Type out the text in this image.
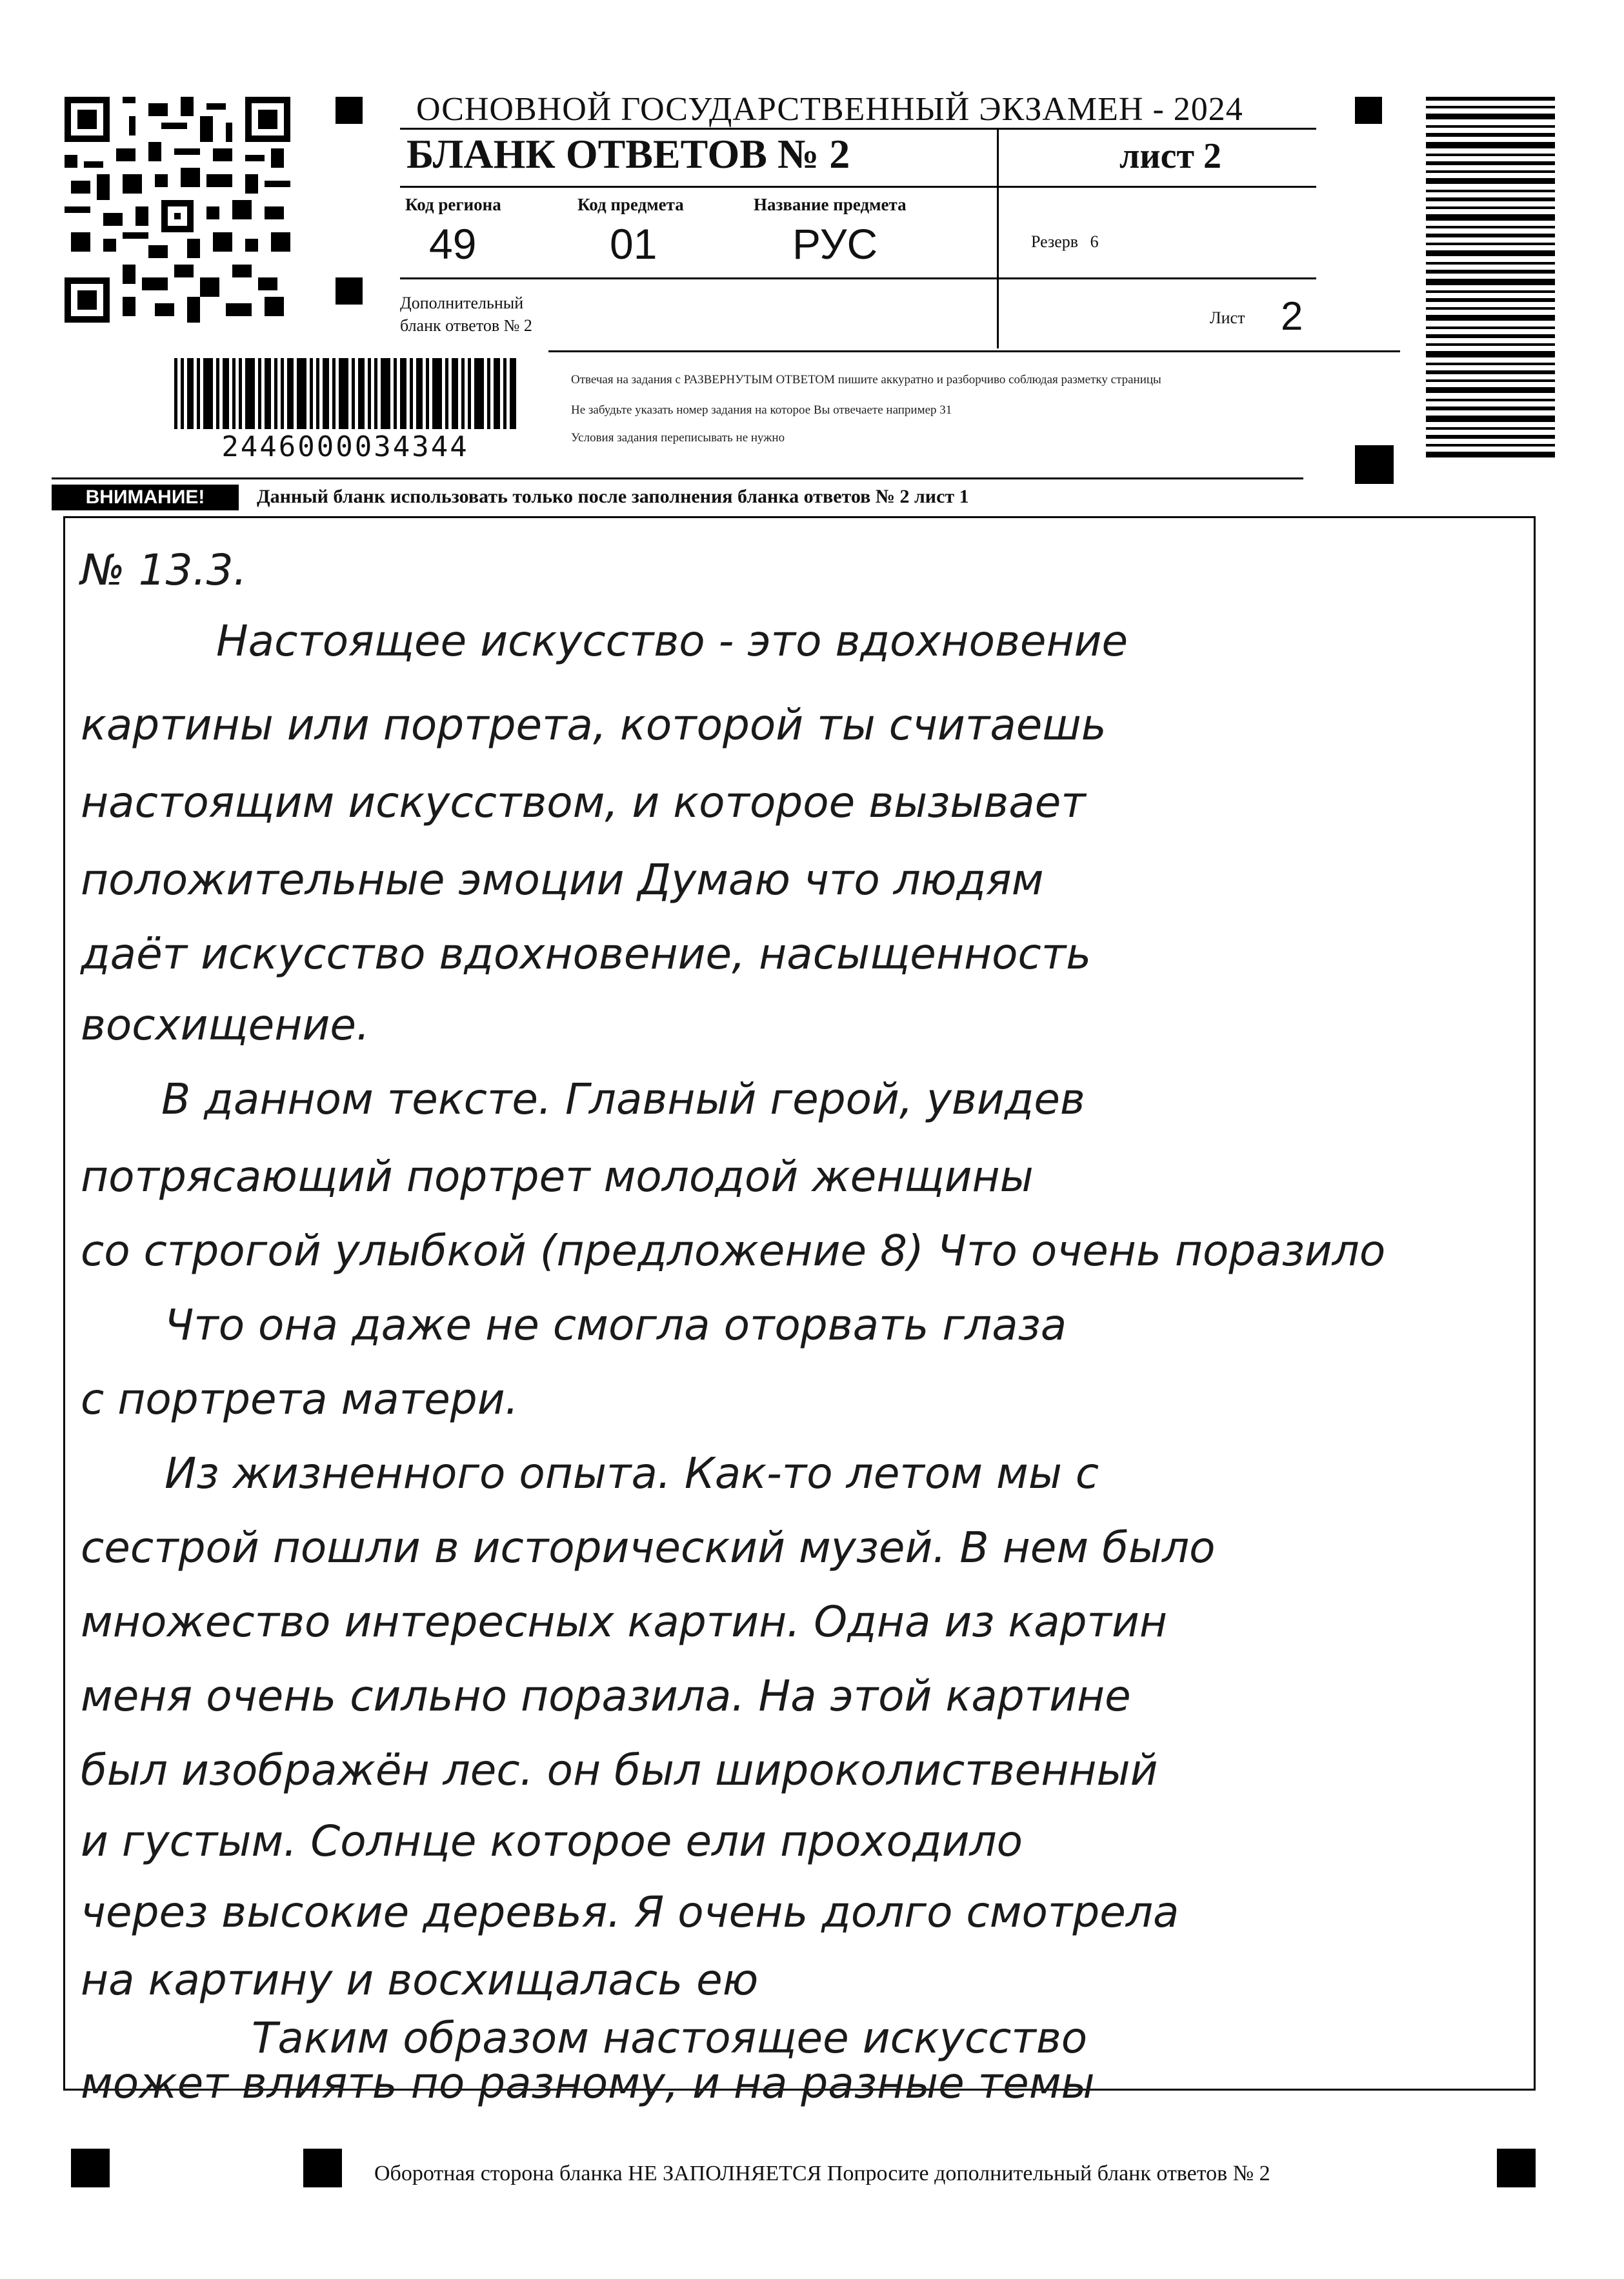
2446000034344
ОСНОВНОЙ ГОСУДАРСТВЕННЫЙ ЭКЗАМЕН - 2024
БЛАНК ОТВЕТОВ № 2	лист 2
Код региона
49
Код предмета
01
Название предмета
РУС	Резерв 6
Дополнительный
бланк ответов № 2	Лист 2
Отвечая на задания с РАЗВЕРНУТЫМ ОТВЕТОМ пишите аккуратно и разборчиво соблюдая разметку страницы
Не забудьте указать номер задания на которое Вы отвечаете например 31
Условия задания переписывать не нужно
ВНИМАНИЕ!	Данный бланк использовать только после заполнения бланка ответов № 2 лист 1
№ 13.3.
Настоящее искусство - это вдохновение
картины или портрета, которой ты считаешь
настоящим искусством, и которое вызывает
положительные эмоции Думаю что людям
даёт искусство вдохновение, насыщенность
восхищение.
В данном тексте. Главный герой, увидев
потрясающий портрет молодой женщины
со строгой улыбкой (предложение 8) Что очень поразило
Что она даже не смогла оторвать глаза
с портрета матери.
Из жизненного опыта. Как-то летом мы с
сестрой пошли в исторический музей. В нем было
множество интересных картин. Одна из картин
меня очень сильно поразила. На этой картине
был изображён лес. он был широколиственный
и густым. Солнце которое ели проходило
через высокие деревья. Я очень долго смотрела
на картину и восхищалась ею
Таким образом настоящее искусство
может влиять по разному, и на разные темы
Оборотная сторона бланка НЕ ЗАПОЛНЯЕТСЯ Попросите дополнительный бланк ответов № 2
